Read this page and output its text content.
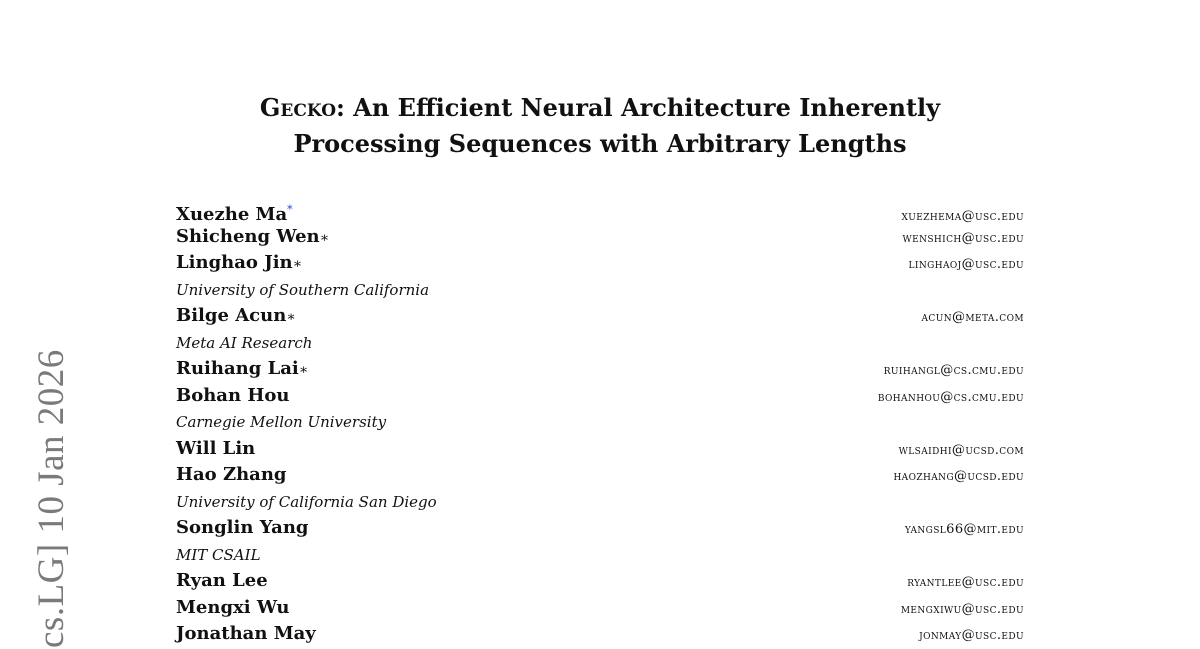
cs.LG] 10 Jan 2026
Gecko: An Efficient Neural Architecture Inherently
Processing Sequences with Arbitrary Lengths
Xuezhe Ma*	xuezhema@usc.edu
Shicheng Wen∗	wenshich@usc.edu
Linghao Jin∗	linghaoj@usc.edu
University of Southern California
Bilge Acun∗	acun@meta.com
Meta AI Research
Ruihang Lai∗	ruihangl@cs.cmu.edu
Bohan Hou	bohanhou@cs.cmu.edu
Carnegie Mellon University
Will Lin	wlsaidhi@ucsd.com
Hao Zhang	haozhang@ucsd.edu
University of California San Diego
Songlin Yang	yangsl66@mit.edu
MIT CSAIL
Ryan Lee	ryantlee@usc.edu
Mengxi Wu	mengxiwu@usc.edu
Jonathan May	jonmay@usc.edu
